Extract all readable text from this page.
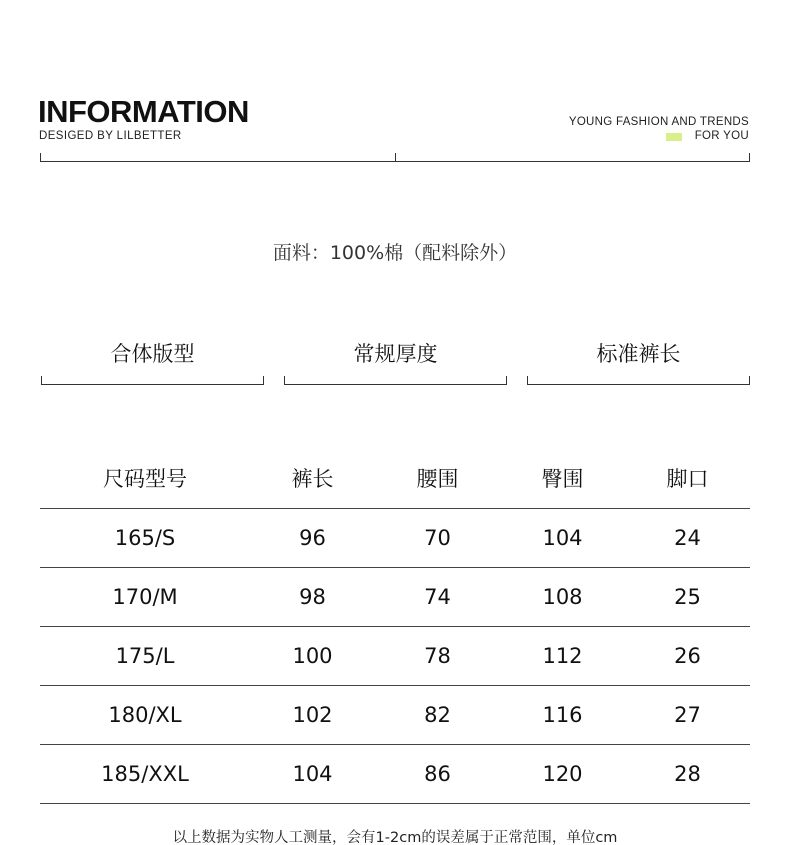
INFORMATION
DESIGED BY LILBETTER
YOUNG FASHION AND TRENDS
FOR YOU
面料：100%棉（配料除外）
合体版型	常规厚度	标准裤长
尺码型号	裤长	腰围	臀围	脚口
165/S	96	70	104	24
170/M	98	74	108	25
175/L	100	78	112	26
180/XL	102	82	116	27
185/XXL	104	86	120	28
以上数据为实物人工测量，会有1-2cm的误差属于正常范围，单位cm
